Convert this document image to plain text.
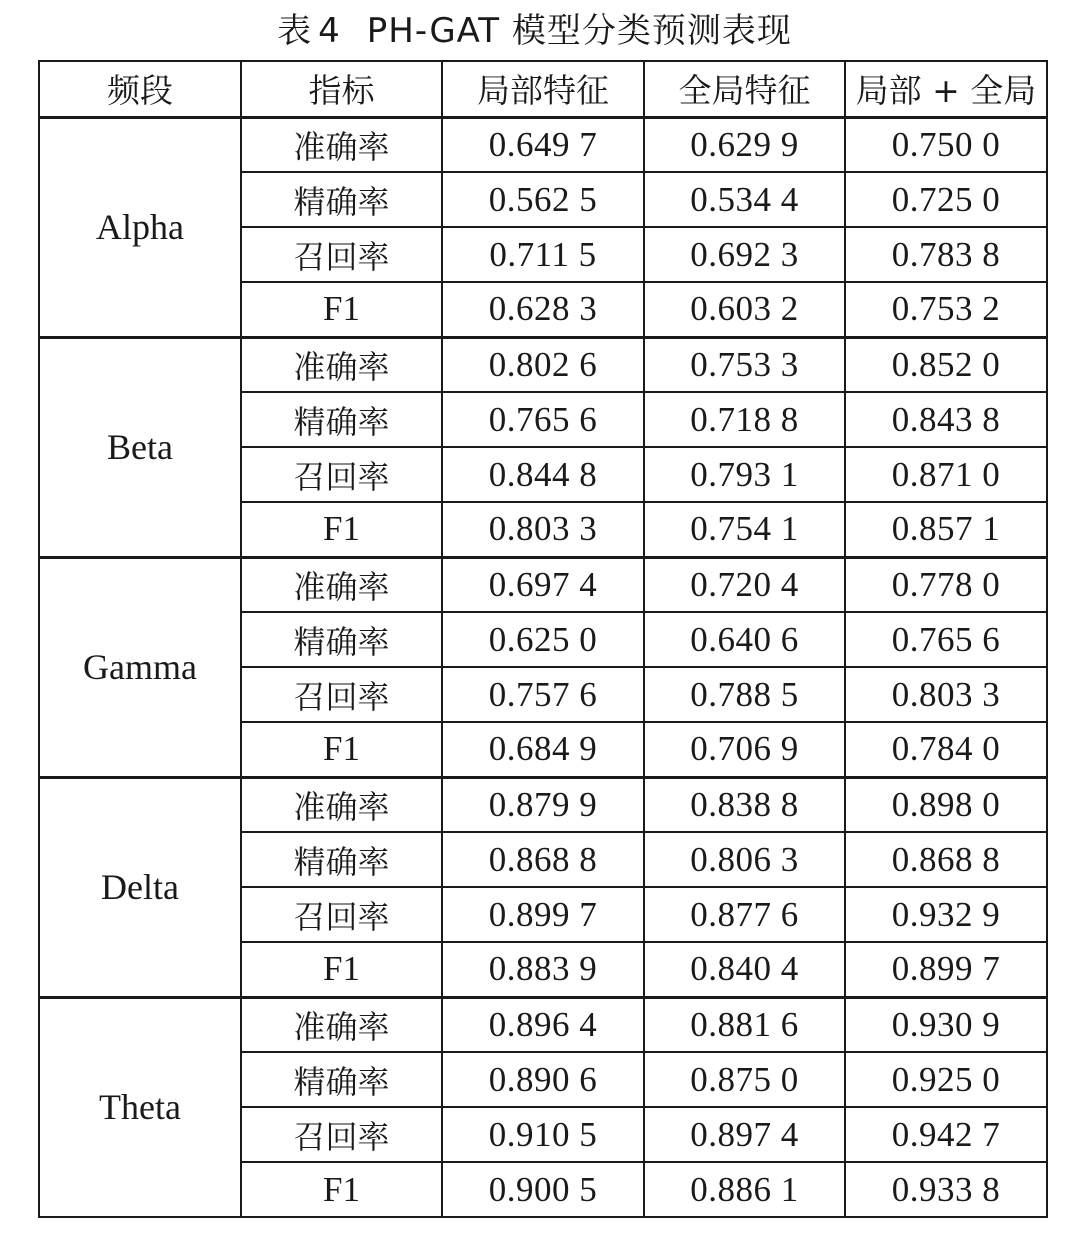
表 4 PH-GAT 模型分类预测表现
频段	指标	局部特征	全局特征	局部 + 全局
Alpha	准确率	0.649 7	0.629 9	0.750 0
	精确率	0.562 5	0.534 4	0.725 0
	召回率	0.711 5	0.692 3	0.783 8
	F1	0.628 3	0.603 2	0.753 2
Beta	准确率	0.802 6	0.753 3	0.852 0
	精确率	0.765 6	0.718 8	0.843 8
	召回率	0.844 8	0.793 1	0.871 0
	F1	0.803 3	0.754 1	0.857 1
Gamma	准确率	0.697 4	0.720 4	0.778 0
	精确率	0.625 0	0.640 6	0.765 6
	召回率	0.757 6	0.788 5	0.803 3
	F1	0.684 9	0.706 9	0.784 0
Delta	准确率	0.879 9	0.838 8	0.898 0
	精确率	0.868 8	0.806 3	0.868 8
	召回率	0.899 7	0.877 6	0.932 9
	F1	0.883 9	0.840 4	0.899 7
Theta	准确率	0.896 4	0.881 6	0.930 9
	精确率	0.890 6	0.875 0	0.925 0
	召回率	0.910 5	0.897 4	0.942 7
	F1	0.900 5	0.886 1	0.933 8
